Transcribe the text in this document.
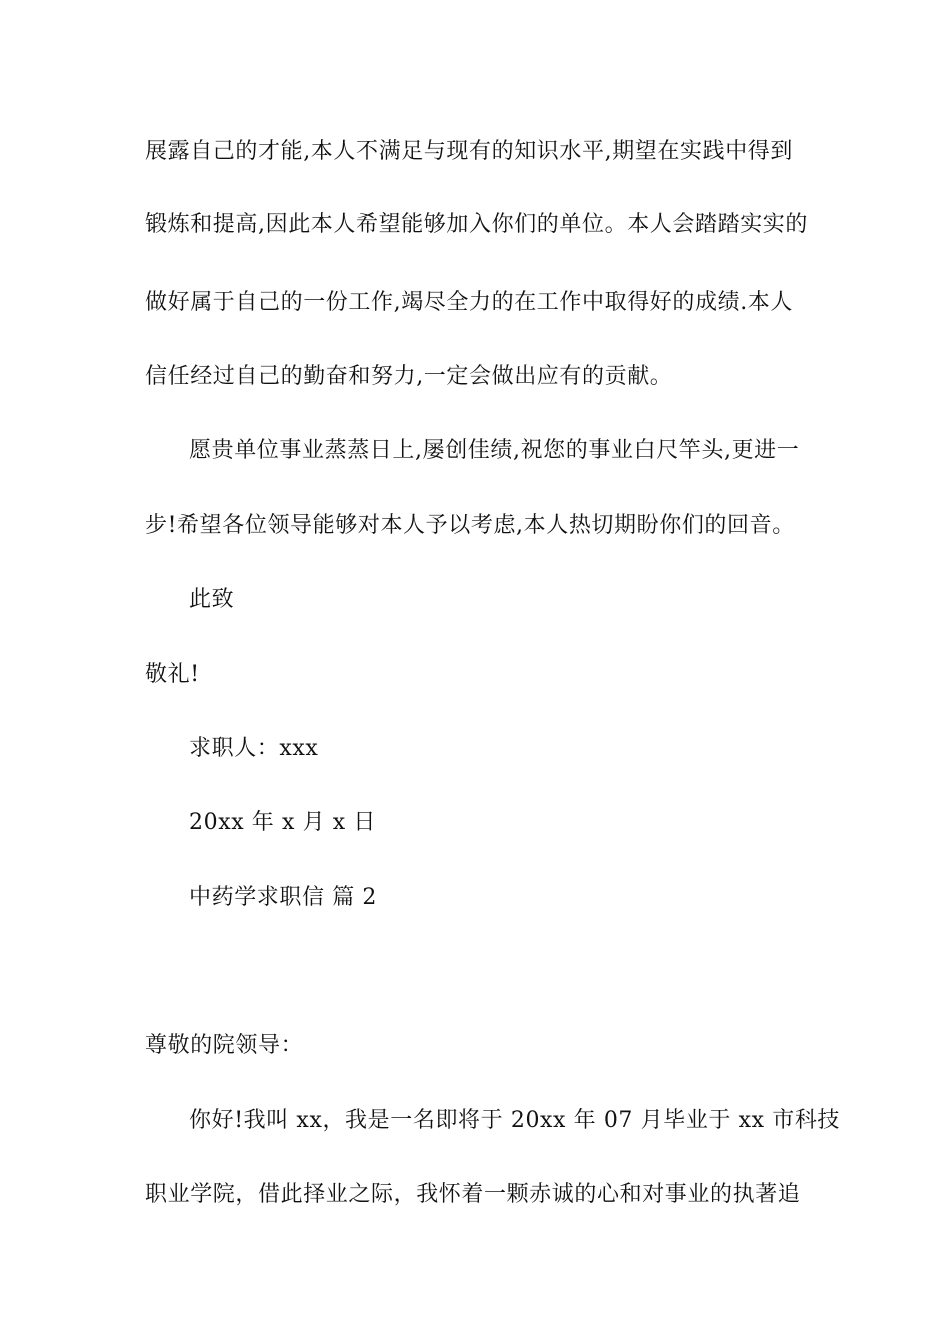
展露自己的才能,本人不满足与现有的知识水平,期望在实践中得到
锻炼和提高,因此本人希望能够加入你们的单位。本人会踏踏实实的
做好属于自己的一份工作,竭尽全力的在工作中取得好的成绩.本人
信任经过自己的勤奋和努力,一定会做出应有的贡献。
愿贵单位事业蒸蒸日上,屡创佳绩,祝您的事业白尺竿头,更进一
步!希望各位领导能够对本人予以考虑,本人热切期盼你们的回音。
此致
敬礼!
求职人：xxx
20xx 年 x 月 x 日
中药学求职信 篇 2
尊敬的院领导：
你好!我叫 xx，我是一名即将于 20xx 年 07 月毕业于 xx 市科技
职业学院，借此择业之际，我怀着一颗赤诚的心和对事业的执著追
